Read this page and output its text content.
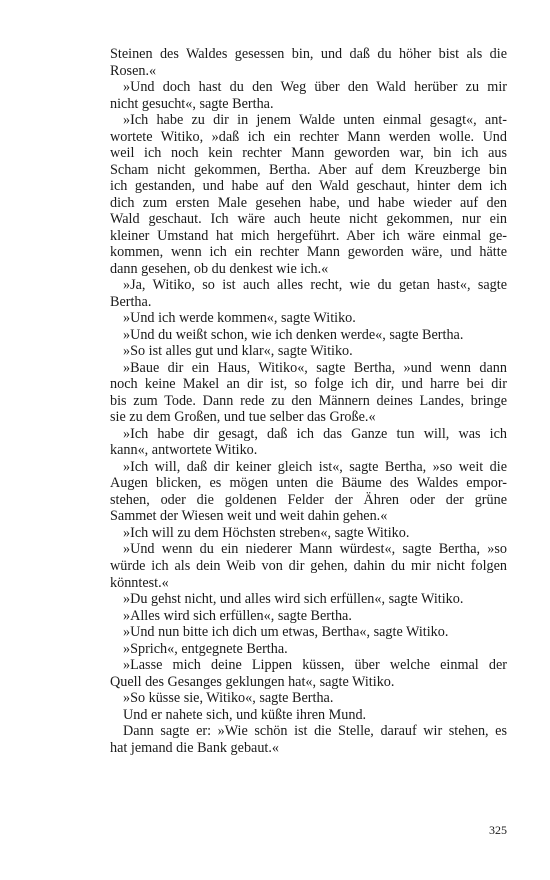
Steinen des Waldes gesessen bin, und daß du höher bist als die
Rosen.«
»Und doch hast du den Weg über den Wald herüber zu mir
nicht gesucht«, sagte Bertha.
»Ich habe zu dir in jenem Walde unten einmal gesagt«, ant-
wortete Witiko, »daß ich ein rechter Mann werden wolle. Und
weil ich noch kein rechter Mann geworden war, bin ich aus
Scham nicht gekommen, Bertha. Aber auf dem Kreuzberge bin
ich gestanden, und habe auf den Wald geschaut, hinter dem ich
dich zum ersten Male gesehen habe, und habe wieder auf den
Wald geschaut. Ich wäre auch heute nicht gekommen, nur ein
kleiner Umstand hat mich hergeführt. Aber ich wäre einmal ge-
kommen, wenn ich ein rechter Mann geworden wäre, und hätte
dann gesehen, ob du denkest wie ich.«
»Ja, Witiko, so ist auch alles recht, wie du getan hast«, sagte
Bertha.
»Und ich werde kommen«, sagte Witiko.
»Und du weißt schon, wie ich denken werde«, sagte Bertha.
»So ist alles gut und klar«, sagte Witiko.
»Baue dir ein Haus, Witiko«, sagte Bertha, »und wenn dann
noch keine Makel an dir ist, so folge ich dir, und harre bei dir
bis zum Tode. Dann rede zu den Männern deines Landes, bringe
sie zu dem Großen, und tue selber das Große.«
»Ich habe dir gesagt, daß ich das Ganze tun will, was ich
kann«, antwortete Witiko.
»Ich will, daß dir keiner gleich ist«, sagte Bertha, »so weit die
Augen blicken, es mögen unten die Bäume des Waldes empor-
stehen, oder die goldenen Felder der Ähren oder der grüne
Sammet der Wiesen weit und weit dahin gehen.«
»Ich will zu dem Höchsten streben«, sagte Witiko.
»Und wenn du ein niederer Mann würdest«, sagte Bertha, »so
würde ich als dein Weib von dir gehen, dahin du mir nicht folgen
könntest.«
»Du gehst nicht, und alles wird sich erfüllen«, sagte Witiko.
»Alles wird sich erfüllen«, sagte Bertha.
»Und nun bitte ich dich um etwas, Bertha«, sagte Witiko.
»Sprich«, entgegnete Bertha.
»Lasse mich deine Lippen küssen, über welche einmal der
Quell des Gesanges geklungen hat«, sagte Witiko.
»So küsse sie, Witiko«, sagte Bertha.
Und er nahete sich, und küßte ihren Mund.
Dann sagte er: »Wie schön ist die Stelle, darauf wir stehen, es
hat jemand die Bank gebaut.«
325
